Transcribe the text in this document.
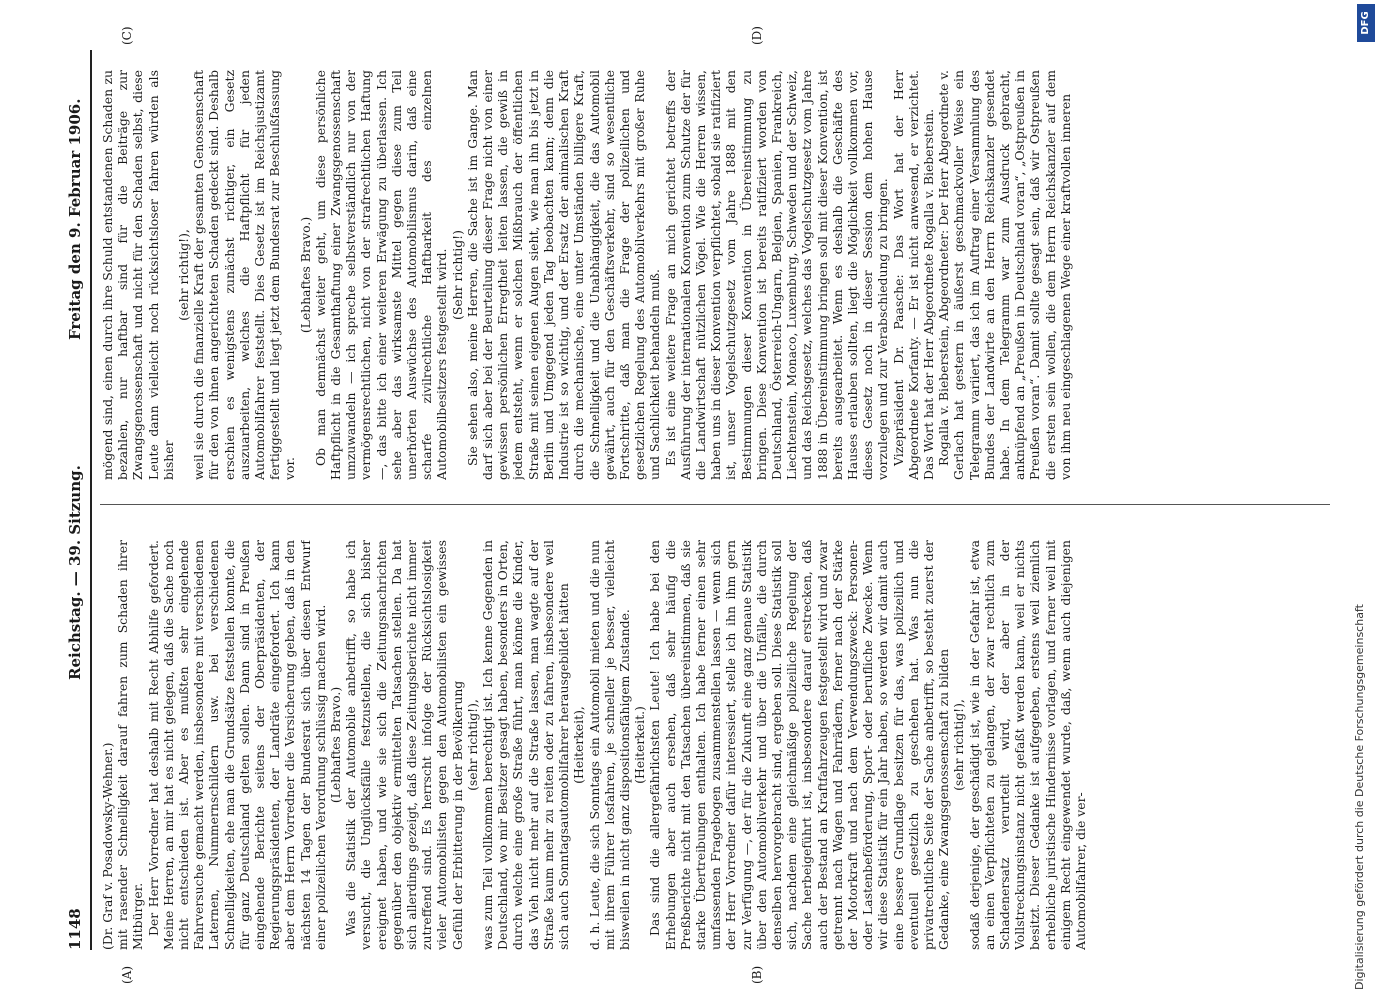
1148
Reichstag. — 39. Sitzung.
Freitag den 9. Februar 1906.

(Dr. Graf v. Posadowsky-Wehner.) mit rasender Schnelligkeit darauf fahren zum Schaden ihrer Mitbürger. Der Herr Vorredner hat deshalb mit Recht Abhilfe gefordert. Meine Herren, an mir hat es nicht gelegen, daß die Sache noch nicht entschieden ist. Aber es mußten sehr eingehende Fahrversuche gemacht werden, insbesondere mit verschiedenen Laternen, Nummernschildern usw. bei verschiedenen Schnelligkeiten, ehe man die Grundsätze feststellen konnte, die für ganz Deutschland gelten sollen. Dann sind in Preußen eingehende Berichte seitens der Oberpräsidenten, der Regierungspräsidenten, der Landräte eingefordert. Ich kann aber dem Herrn Vorredner die Versicherung geben, daß in den nächsten 14 Tagen der Bundesrat sich über diesen Entwurf einer polizeilichen Verordnung schlüssig machen wird. (Lebhaftes Bravo.) Was die Statistik der Automobile anbetrifft, so habe ich versucht, die Unglücksfälle festzustellen, die sich bisher ereignet haben, und wie sie sich die Zeitungsnachrichten gegenüber den objektiv ermittelten Tatsachen stellen. Da hat sich allerdings gezeigt, daß diese Zeitungsberichte nicht immer zutreffend sind. Es herrscht infolge der Rücksichtslosigkeit vieler Automobilisten gegen den Automobilisten ein gewisses Gefühl der Erbitterung in der Bevölkerung (sehr richtig!), was zum Teil vollkommen berechtigt ist. Ich kenne Gegenden in Deutschland, wo mir Besitzer gesagt haben, besonders in Orten, durch welche eine große Straße führt, man könne die Kinder, das Vieh nicht mehr auf die Straße lassen, man wagte auf der Straße kaum mehr zu reiten oder zu fahren, insbesondere weil sich auch Sonntagsautomobilfahrer herausgebildet hätten (Heiterkeit), d. h. Leute, die sich Sonntags ein Automobil mieten und die nun mit ihrem Führer losfahren, je schneller je besser, vielleicht bisweilen in nicht ganz dispositionsfähigem Zustande. (Heiterkeit.) Das sind die allergefährlichsten Leute! Ich habe bei den Erhebungen aber auch ersehen, daß sehr häufig die Preßberichte nicht mit den Tatsachen übereinstimmen, daß sie starke Übertreibungen enthalten. Ich habe ferner einen sehr umfassenden Fragebogen zusammenstellen lassen — wenn sich der Herr Vorredner dafür interessiert, stelle ich ihn ihm gern zur Verfügung —, der für die Zukunft eine ganz genaue Statistik über den Automobilverkehr und über die Unfälle, die durch denselben hervorgebracht sind, ergeben soll. Diese Statistik soll sich, nachdem eine gleichmäßige polizeiliche Regelung der Sache herbeigeführt ist, insbesondere darauf erstrecken, daß auch der Bestand an Kraftfahrzeugen festgestellt wird und zwar getrennt nach Wagen und Fahrrädern, ferner nach der Stärke der Motorkraft und nach dem Verwendungszweck: Personen- oder Lastenbeförderung, Sport- oder berufliche Zwecke. Wenn wir diese Statistik für ein Jahr haben, so werden wir damit auch eine bessere Grundlage besitzen für das, was polizeilich und eventuell gesetzlich zu geschehen hat. Was nun die privatrechtliche Seite der Sache anbetrifft, so besteht zuerst der Gedanke, eine Zwangsgenossenschaft zu bilden (sehr richtig!), sodaß derjenige, der geschädigt ist, wie in der Gefahr ist, etwa an einen Verpflichteten zu gelangen, der zwar rechtlich zum Schadenersatz verurteilt wird, der aber in der Vollstreckungsinstanz nicht gefaßt werden kann, weil er nichts besitzt. Dieser Gedanke ist aufgegeben, erstens weil ziemlich erhebliche juristische Hindernisse vorlagen, und ferner weil mit einigem Recht eingewendet wurde, daß, wenn auch diejenigen Automobilfahrer, die ver-

mögend sind, einen durch ihre Schuld entstandenen Schaden zu bezahlen, nur haftbar sind für die Beiträge zur Zwangsgenossenschaft und nicht für den Schaden selbst, diese Leute dann vielleicht noch rücksichtsloser fahren würden als bisher

(sehr richtig!), weil sie durch die finanzielle Kraft der gesamten Genossenschaft für den von ihnen angerichteten Schaden gedeckt sind. Deshalb erschien es wenigstens zunächst richtiger, ein Gesetz auszuarbeiten, welches die Haftpflicht für jeden Automobilfahrer feststellt. Dies Gesetz ist im Reichsjustizamt fertiggestellt und liegt jetzt dem Bundesrat zur Beschlußfassung vor.

(Lebhaftes Bravo.) Ob man demnächst weiter geht, um diese persönliche Haftpflicht in die Gesamthaftung einer Zwangsgenossenschaft umzuwandeln — ich spreche selbstverständlich nur von der vermögensrechtlichen, nicht von der strafrechtlichen Haftung —, das bitte ich einer weiteren Erwägung zu überlassen. Ich sehe aber das wirksamste Mittel gegen diese zum Teil unerhörten Auswüchse des Automobilismus darin, daß eine scharfe zivilrechtliche Haftbarkeit des einzelnen Automobilbesitzers festgestellt wird. (Sehr richtig!) Sie sehen also, meine Herren, die Sache ist im Gange. Man darf sich aber bei der Beurteilung dieser Frage nicht von einer gewissen persönlichen Erregtheit leiten lassen, die gewiß in jedem entsteht, wenn er solchen Mißbrauch der öffentlichen Straße mit seinen eigenen Augen sieht, wie man ihn bis jetzt in Berlin und Umgegend jeden Tag beobachten kann; denn die Industrie ist so wichtig, und der Ersatz der animalischen Kraft durch die mechanische, eine unter Umständen billigere Kraft, die Schnelligkeit und die Unabhängigkeit, die das Automobil gewährt, auch für den Geschäftsverkehr, sind so wesentliche Fortschritte, daß man die Frage der polizeilichen und gesetzlichen Regelung des Automobilverkehrs mit großer Ruhe und Sachlichkeit behandeln muß. Es ist eine weitere Frage an mich gerichtet betreffs der Ausführung der internationalen Konvention zum Schutze der für die Landwirtschaft nützlichen Vögel. Wie die Herren wissen, haben uns in dieser Konvention verpflichtet, sobald sie ratifiziert ist, unser Vogelschutzgesetz vom Jahre 1888 mit den Bestimmungen dieser Konvention in Übereinstimmung zu bringen. Diese Konvention ist bereits ratifiziert worden von Deutschland, Österreich-Ungarn, Belgien, Spanien, Frankreich, Liechtenstein, Monaco, Luxemburg, Schweden und der Schweiz, und das Reichsgesetz, welches das Vogelschutzgesetz vom Jahre 1888 in Übereinstimmung bringen soll mit dieser Konvention, ist bereits ausgearbeitet. Wenn es deshalb die Geschäfte des Hauses erlauben sollten, liegt die Möglichkeit vollkommen vor, dieses Gesetz noch in dieser Session dem hohen Hause vorzulegen und zur Verabschiedung zu bringen. Vizepräsident Dr. Paasche: Das Wort hat der Herr Abgeordnete Korfanty. — Er ist nicht anwesend, er verzichtet. Das Wort hat der Herr Abgeordnete Rogalla v. Bieberstein. Rogalla v. Bieberstein, Abgeordneter: Der Herr Abgeordnete v. Gerlach hat gestern in äußerst geschmackvoller Weise ein Telegramm variiert, das ich im Auftrag einer Versammlung des Bundes der Landwirte an den Herrn Reichskanzler gesendet habe. In dem Telegramm war zum Ausdruck gebracht, anknüpfend an „Preußen in Deutschland voran“, „Ostpreußen in Preußen voran“. Damit sollte gesagt sein, daß wir Ostpreußen die ersten sein wollen, die dem Herrn Reichskanzler auf dem von ihm neu eingeschlagenen Wege einer kraftvollen inneren

(A)	(B)
(C)	(D)
Digitalisierung gefördert durch die Deutsche Forschungsgemeinschaft
DFG
